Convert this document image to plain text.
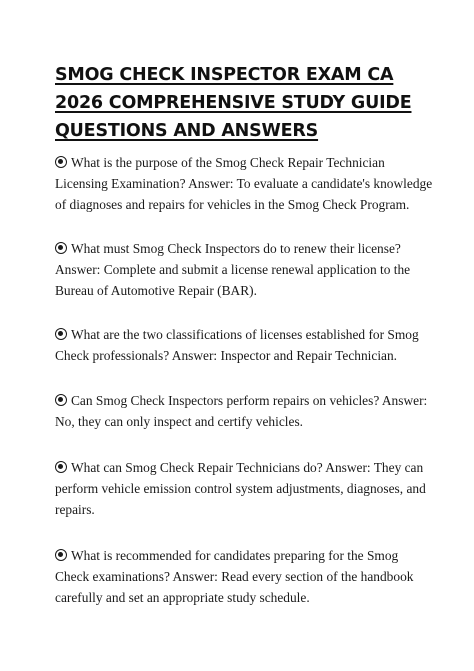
SMOG CHECK INSPECTOR EXAM CA 2026 COMPREHENSIVE STUDY GUIDE QUESTIONS AND ANSWERS

What is the purpose of the Smog Check Repair Technician Licensing Examination? Answer: To evaluate a candidate's knowledge of diagnoses and repairs for vehicles in the Smog Check Program.

What must Smog Check Inspectors do to renew their license? Answer: Complete and submit a license renewal application to the Bureau of Automotive Repair (BAR).

What are the two classifications of licenses established for Smog Check professionals? Answer: Inspector and Repair Technician.

Can Smog Check Inspectors perform repairs on vehicles? Answer: No, they can only inspect and certify vehicles.

What can Smog Check Repair Technicians do? Answer: They can perform vehicle emission control system adjustments, diagnoses, and repairs.

What is recommended for candidates preparing for the Smog Check examinations? Answer: Read every section of the handbook carefully and set an appropriate study schedule.
